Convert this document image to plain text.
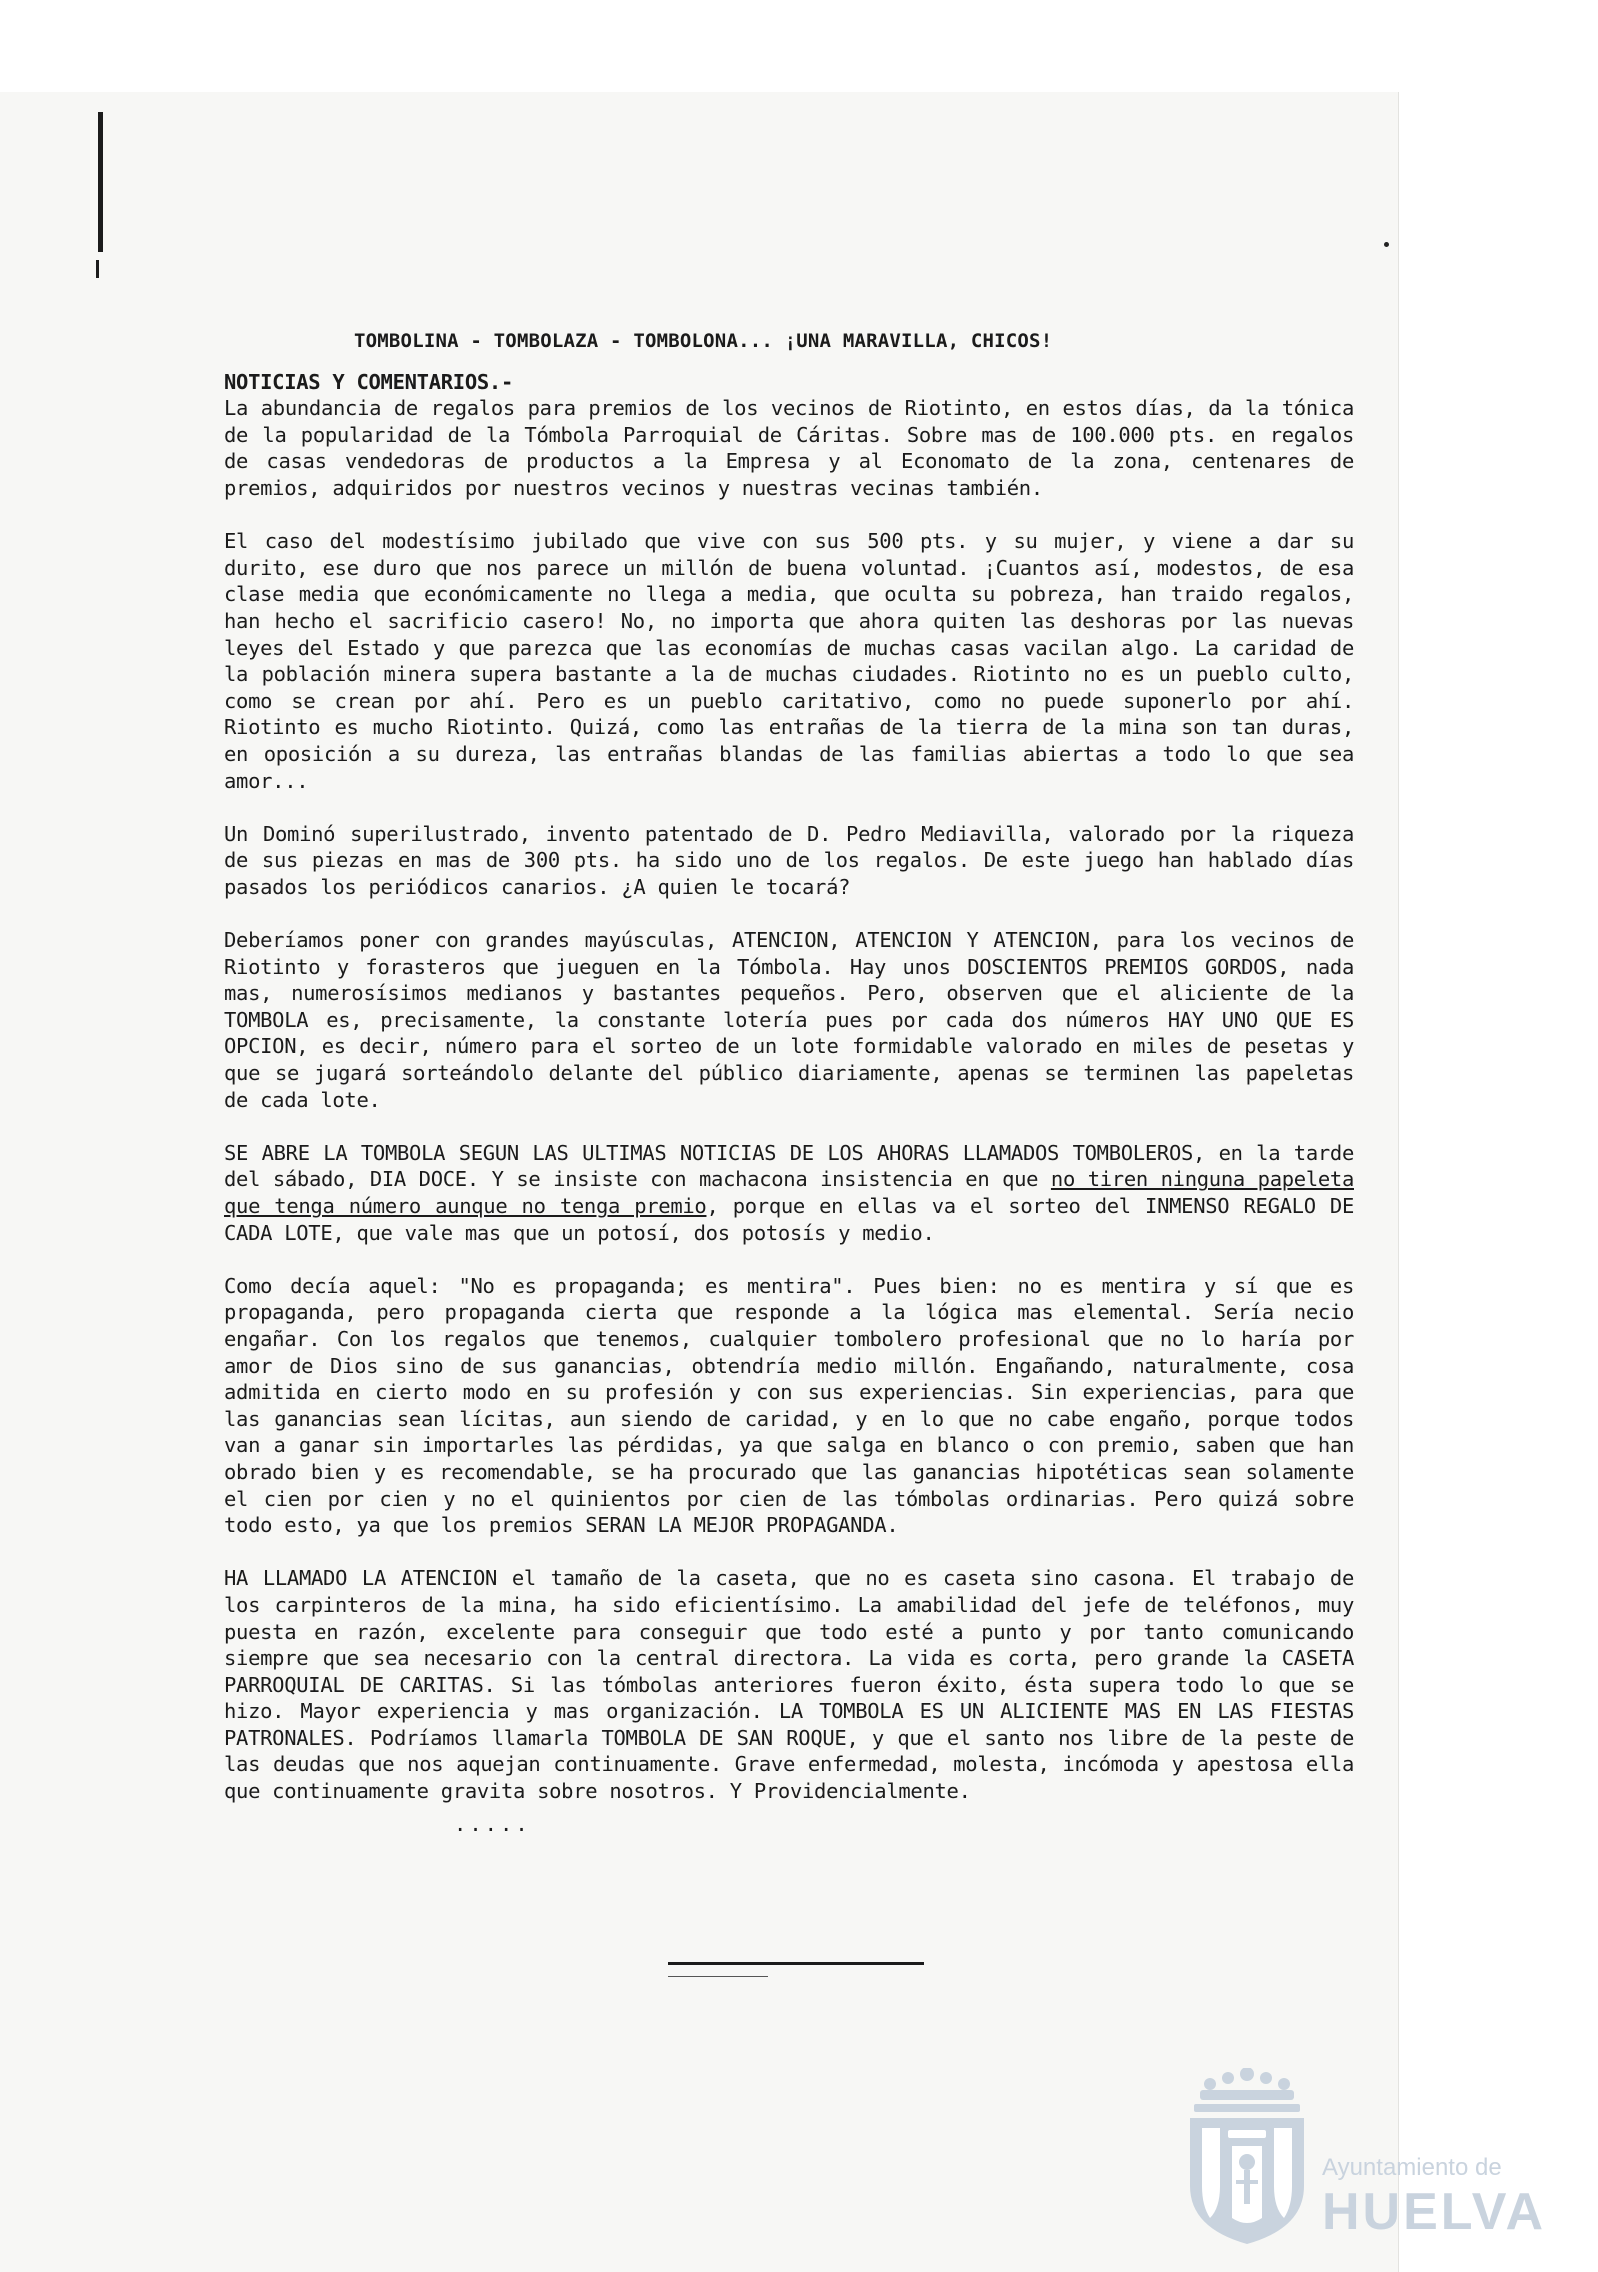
TOMBOLINA - TOMBOLAZA - TOMBOLONA... ¡UNA MARAVILLA, CHICOS!

NOTICIAS Y COMENTARIOS.-

La abundancia de regalos para premios de los vecinos de Riotinto, en estos días, da la tónica de la popularidad de la Tómbola Parroquial de Cáritas. Sobre mas de 100.000 pts. en regalos de casas vendedoras de productos a la Empresa y al Economato de la zona, centenares de premios, adquiridos por nuestros vecinos y nuestras vecinas también.

El caso del modestísimo jubilado que vive con sus 500 pts. y su mujer, y viene a dar su durito, ese duro que nos parece un millón de buena voluntad. ¡Cuantos así, modestos, de esa clase media que económicamente no llega a media, que oculta su pobreza, han traido regalos, han hecho el sacrificio casero! No, no importa que ahora quiten las deshoras por las nuevas leyes del Estado y que parezca que las economías de muchas casas vacilan algo. La caridad de la población minera supera bastante a la de muchas ciudades. Riotinto no es un pueblo culto, como se crean por ahí. Pero es un pueblo caritativo, como no puede suponerlo por ahí. Riotinto es mucho Riotinto. Quizá, como las entrañas de la tierra de la mina son tan duras, en oposición a su dureza, las entrañas blandas de las familias abiertas a todo lo que sea amor...

Un Dominó superilustrado, invento patentado de D. Pedro Mediavilla, valorado por la riqueza de sus piezas en mas de 300 pts. ha sido uno de los regalos. De este juego han hablado días pasados los periódicos canarios. ¿A quien le tocará?

Deberíamos poner con grandes mayúsculas, ATENCION, ATENCION Y ATENCION, para los vecinos de Riotinto y forasteros que jueguen en la Tómbola. Hay unos DOSCIENTOS PREMIOS GORDOS, nada mas, numerosísimos medianos y bastantes pequeños. Pero, observen que el aliciente de la TOMBOLA es, precisamente, la constante lotería pues por cada dos números HAY UNO QUE ES OPCION, es decir, número para el sorteo de un lote formidable valorado en miles de pesetas y que se jugará sorteándolo delante del público diariamente, apenas se terminen las papeletas de cada lote.

SE ABRE LA TOMBOLA SEGUN LAS ULTIMAS NOTICIAS DE LOS AHORAS LLAMADOS TOMBOLEROS, en la tarde del sábado, DIA DOCE. Y se insiste con machacona insistencia en que no tiren ninguna papeleta que tenga número aunque no tenga premio, porque en ellas va el sorteo del INMENSO REGALO DE CADA LOTE, que vale mas que un potosí, dos potosís y medio.

Como decía aquel: "No es propaganda; es mentira". Pues bien: no es mentira y sí que es propaganda, pero propaganda cierta que responde a la lógica mas elemental. Sería necio engañar. Con los regalos que tenemos, cualquier tombolero profesional que no lo haría por amor de Dios sino de sus ganancias, obtendría medio millón. Engañando, naturalmente, cosa admitida en cierto modo en su profesión y con sus experiencias. Sin experiencias, para que las ganancias sean lícitas, aun siendo de caridad, y en lo que no cabe engaño, porque todos van a ganar sin importarles las pérdidas, ya que salga en blanco o con premio, saben que han obrado bien y es recomendable, se ha procurado que las ganancias hipotéticas sean solamente el cien por cien y no el quinientos por cien de las tómbolas ordinarias. Pero quizá sobre todo esto, ya que los premios SERAN LA MEJOR PROPAGANDA.

HA LLAMADO LA ATENCION el tamaño de la caseta, que no es caseta sino casona. El trabajo de los carpinteros de la mina, ha sido eficientísimo. La amabilidad del jefe de teléfonos, muy puesta en razón, excelente para conseguir que todo esté a punto y por tanto comunicando siempre que sea necesario con la central directora. La vida es corta, pero grande la CASETA PARROQUIAL DE CARITAS. Si las tómbolas anteriores fueron éxito, ésta supera todo lo que se hizo. Mayor experiencia y mas organización. LA TOMBOLA ES UN ALICIENTE MAS EN LAS FIESTAS PATRONALES. Podríamos llamarla TOMBOLA DE SAN ROQUE, y que el santo nos libre de la peste de las deudas que nos aquejan continuamente. Grave enfermedad, molesta, incómoda y apestosa ella que continuamente gravita sobre nosotros. Y Providencialmente.

.....
Ayuntamiento de
HUELVA
